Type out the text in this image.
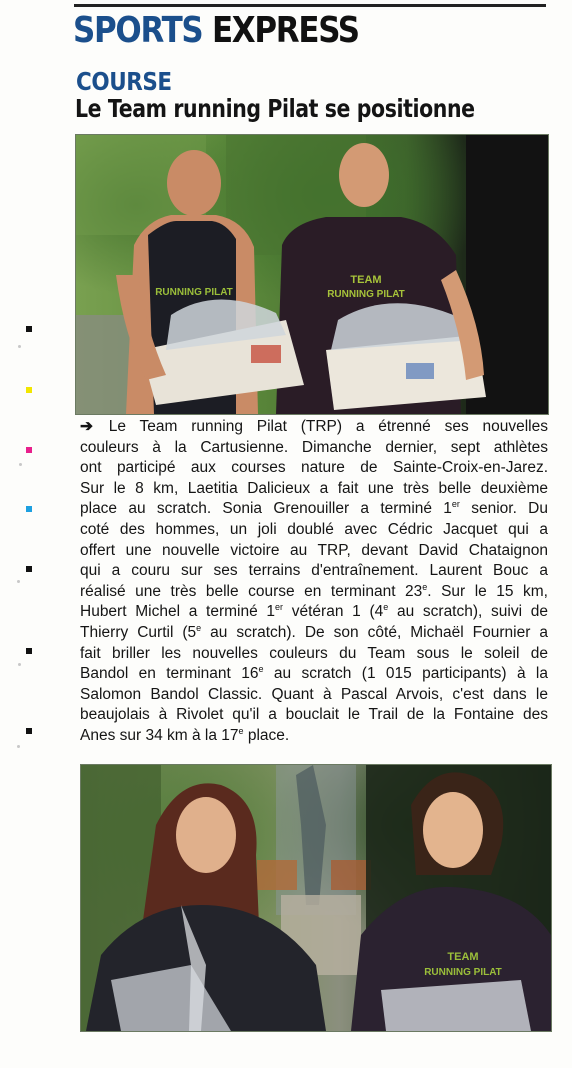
SPORTS EXPRESS
COURSE
Le Team running Pilat se positionne
RUNNING PILAT
TEAM
RUNNING PILAT
➔ Le Team running Pilat (TRP) a étrenné ses nouvelles
couleurs à la Cartusienne. Dimanche dernier, sept athlètes
ont participé aux courses nature de Sainte-Croix-en-Jarez.
Sur le 8 km, Laetitia Dalicieux a fait une très belle deuxième
place au scratch. Sonia Grenouiller a terminé 1er senior. Du
coté des hommes, un joli doublé avec Cédric Jacquet qui a
offert une nouvelle victoire au TRP, devant David Chataignon
qui a couru sur ses terrains d'entraînement. Laurent Bouc a
réalisé une très belle course en terminant 23e. Sur le 15 km,
Hubert Michel a terminé 1er vétéran 1 (4e au scratch), suivi de
Thierry Curtil (5e au scratch). De son côté, Michaël Fournier a
fait briller les nouvelles couleurs du Team sous le soleil de
Bandol en terminant 16e au scratch (1 015 participants) à la
Salomon Bandol Classic. Quant à Pascal Arvois, c'est dans le
beaujolais à Rivolet qu'il a bouclait le Trail de la Fontaine des
Anes sur 34 km à la 17e place.
TEAM
RUNNING PILAT
